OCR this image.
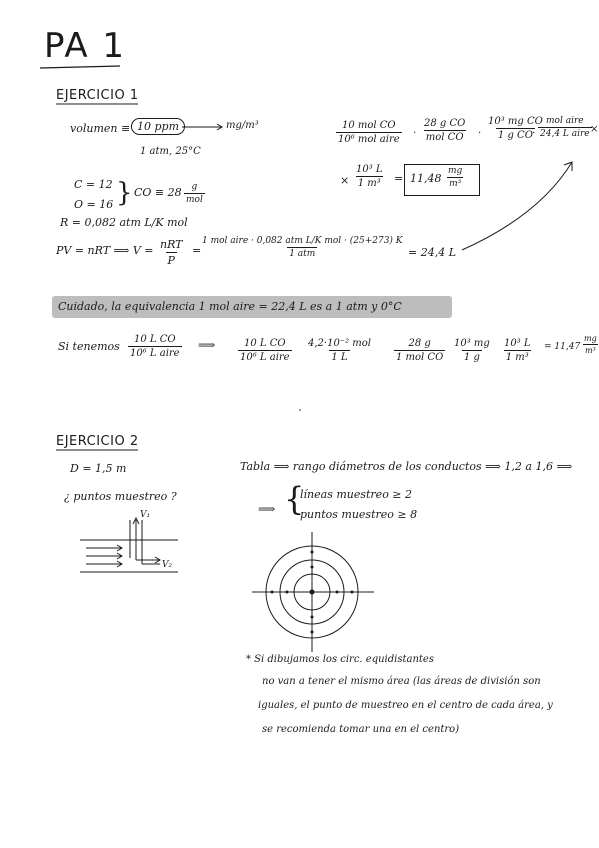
PA 1
EJERCICIO 1
volumen ≡ 10 ppm	mg/m³
1 atm, 25°C
C = 12
O = 16 } CO ≡ 28 g
mol
R = 0,082 atm L/K mol
PV = nRT ⟹ V = nRT
P
=
1 mol aire · 0,082 atm L/K mol · (25+273) K
1 atm	= 24,4 L
10 mol CO
10⁶ mol aire
·
28 g CO
mol CO · $\frac{\text{10³ mg CO}}{\text{1 g CO}}$
·
mol aire
24,4 L aire ×
× $\frac{\text{10³ L}}{\text{1 m³}} = 11,48 \frac{mg}{\text{m³}}$
Cuidado, la equivalencia 1 mol aire = 22,4 L es a 1 atm y 0°C
Si tenemos
10 L CO
10⁶ L aire
⟹	10 L CO
10⁶ L aire
4,2·10⁻² mol
1 L
28 g
1 mol CO $\frac{\text{10³ mg}}{1 g} \frac{\text{10³ L}}{\text{1 m³}} = 11,47 \frac{mg}{\text{m³}}$
EJERCICIO 2
D = 1,5 m
¿ puntos muestreo ?
V₁
V₂
Tabla ⟹ rango diámetros de los conductos ⟹ 1,2 a 1,6 ⟹
⟹ {
líneas muestreo ≥ 2
puntos muestreo ≥ 8
* Si dibujamos los circ. equidistantes
no van a tener el mismo área (las áreas de división son
iguales, el punto de muestreo en el centro de cada área, y
se recomienda tomar una en el centro)
